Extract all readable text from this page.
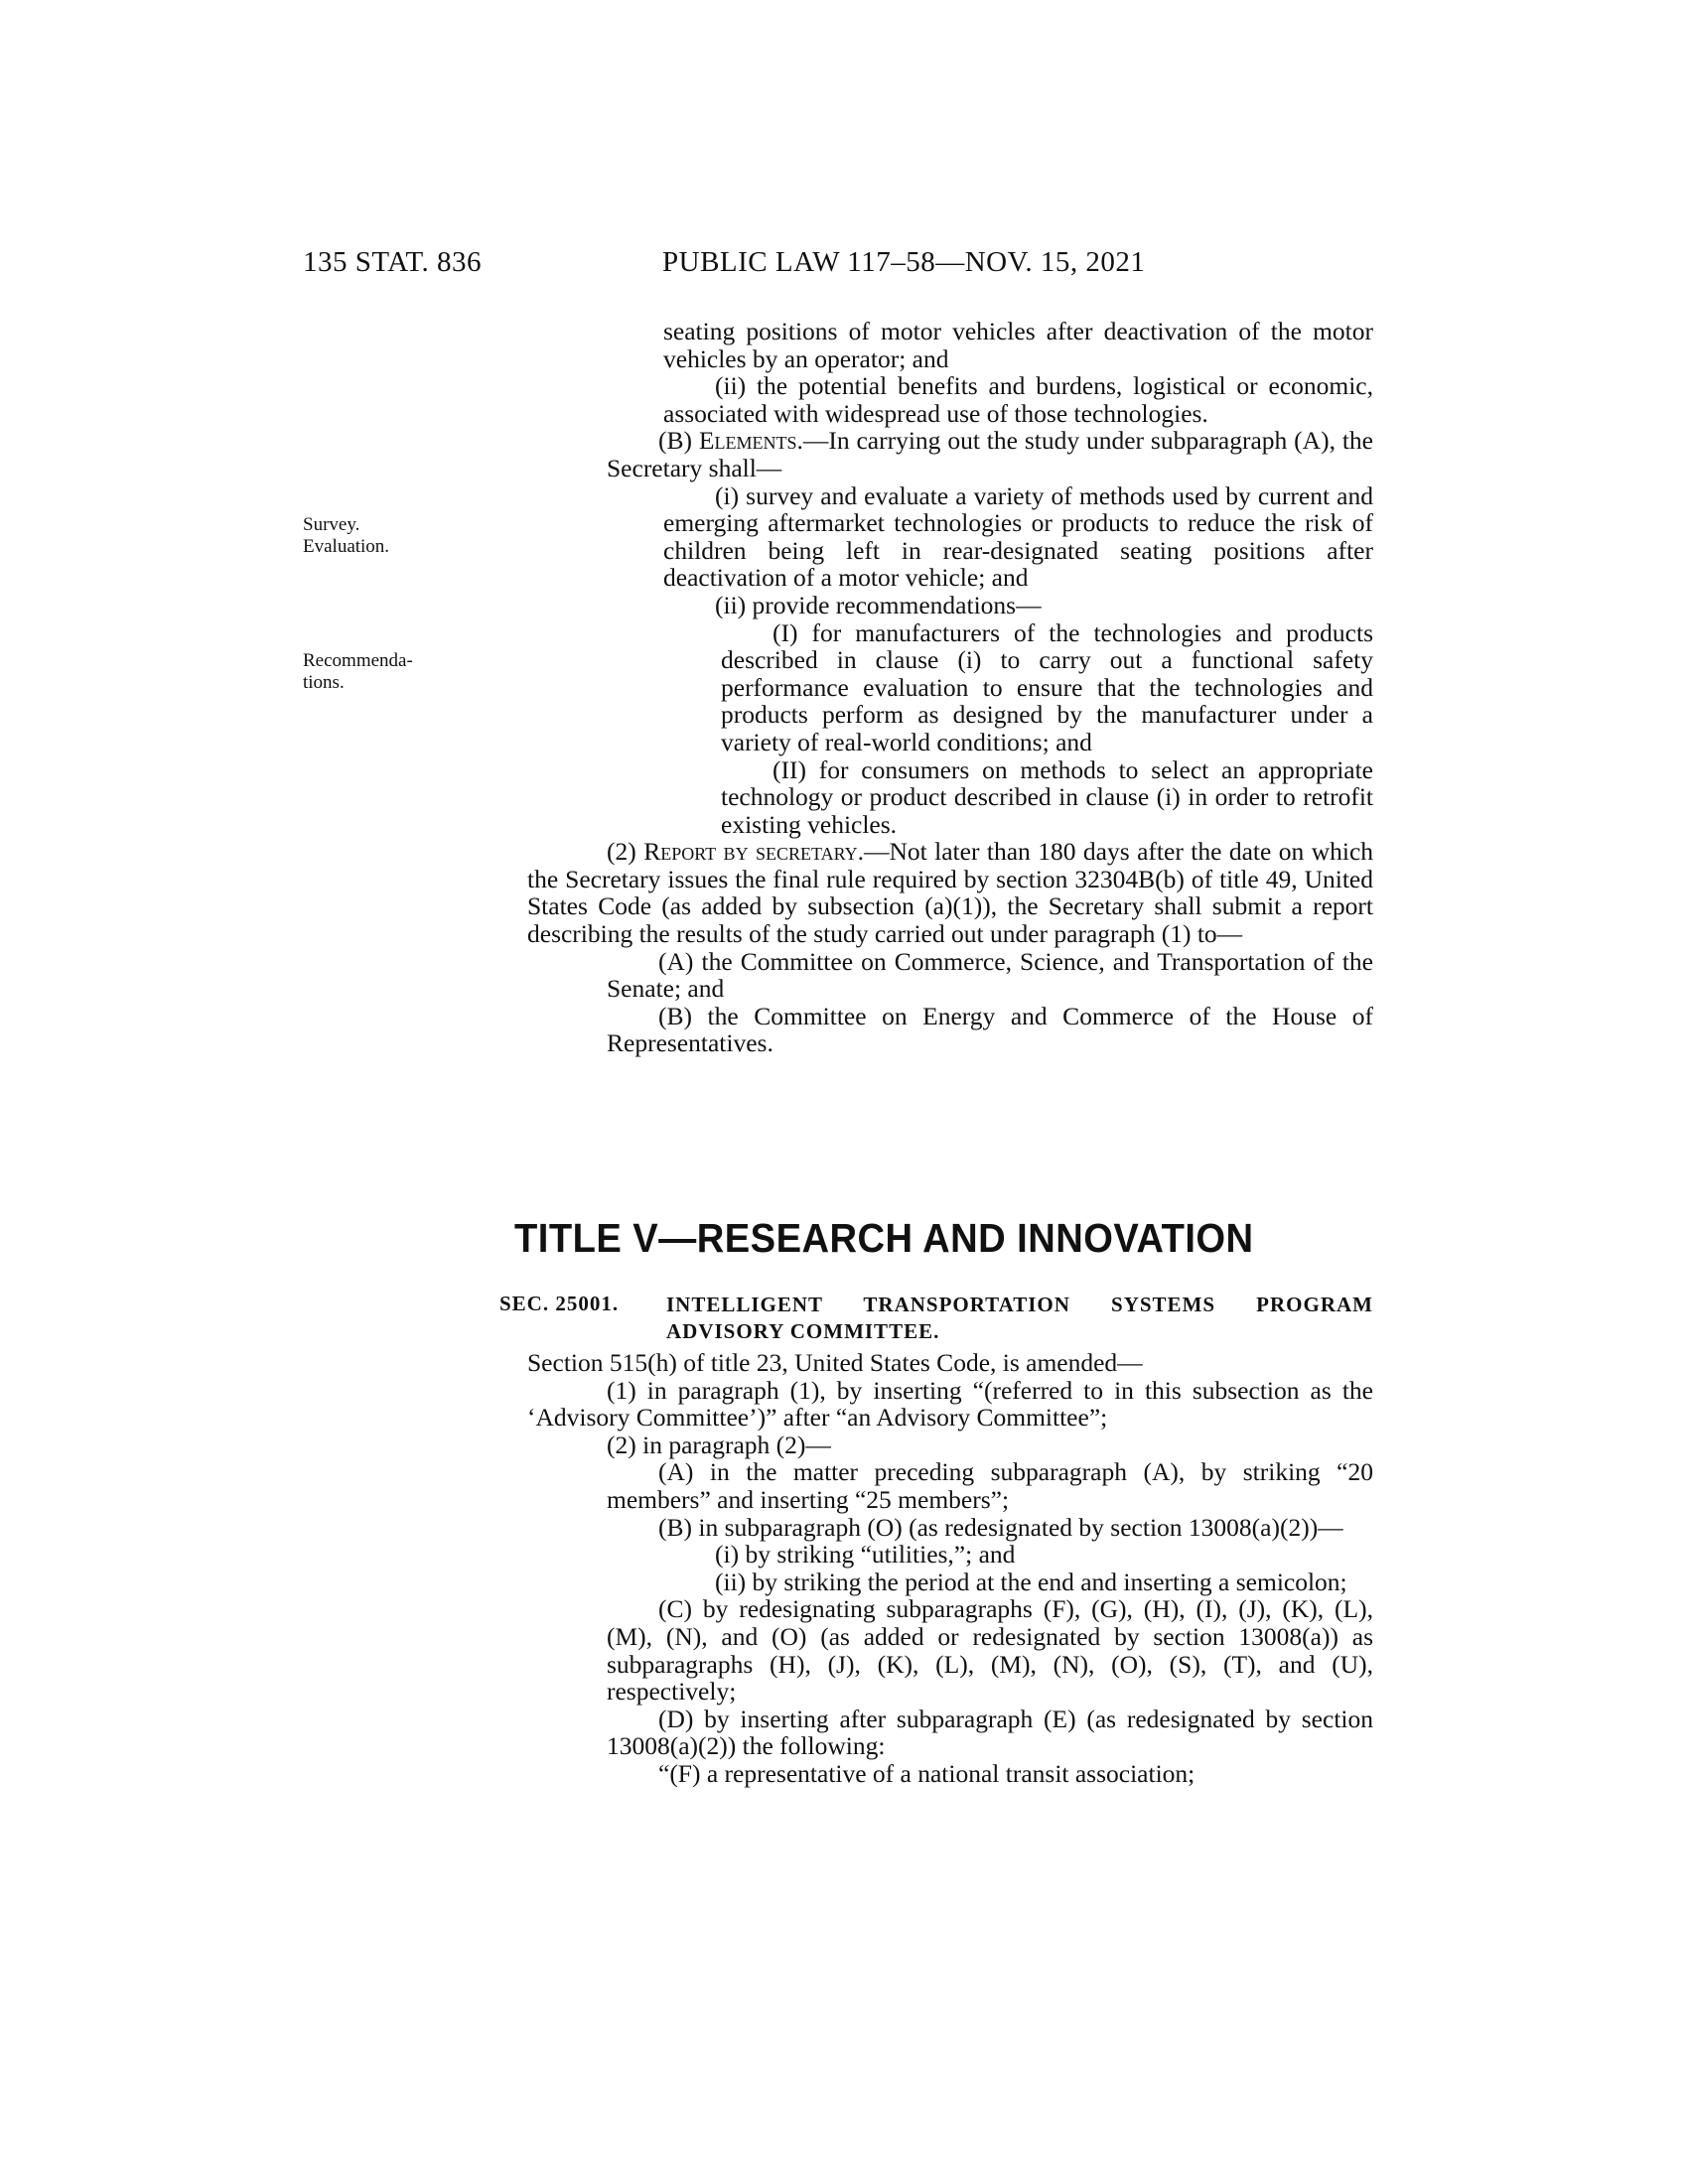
135 STAT. 836	PUBLIC LAW 117–58—NOV. 15, 2021
Survey.
Evaluation.
Recommenda-
tions.

seating positions of motor vehicles after deactivation of the motor vehicles by an operator; and

(ii) the potential benefits and burdens, logistical or economic, associated with widespread use of those technologies.

(B) Elements.—In carrying out the study under subparagraph (A), the Secretary shall—

(i) survey and evaluate a variety of methods used by current and emerging aftermarket technologies or products to reduce the risk of children being left in rear-designated seating positions after deactivation of a motor vehicle; and

(ii) provide recommendations—

(I) for manufacturers of the technologies and products described in clause (i) to carry out a functional safety performance evaluation to ensure that the technologies and products perform as designed by the manufacturer under a variety of real-world conditions; and

(II) for consumers on methods to select an appropriate technology or product described in clause (i) in order to retrofit existing vehicles.

(2) Report by secretary.—Not later than 180 days after the date on which the Secretary issues the final rule required by section 32304B(b) of title 49, United States Code (as added by subsection (a)(1)), the Secretary shall submit a report describing the results of the study carried out under paragraph (1) to—

(A) the Committee on Commerce, Science, and Transportation of the Senate; and

(B) the Committee on Energy and Commerce of the House of Representatives.

TITLE V—RESEARCH AND INNOVATION
SEC. 25001. INTELLIGENT TRANSPORTATION SYSTEMS PROGRAM ADVISORY COMMITTEE.

Section 515(h) of title 23, United States Code, is amended—

(1) in paragraph (1), by inserting “(referred to in this subsection as the ‘Advisory Committee’)” after “an Advisory Committee”;

(2) in paragraph (2)—

(A) in the matter preceding subparagraph (A), by striking “20 members” and inserting “25 members”;

(B) in subparagraph (O) (as redesignated by section 13008(a)(2))—

(i) by striking “utilities,”; and

(ii) by striking the period at the end and inserting a semicolon;

(C) by redesignating subparagraphs (F), (G), (H), (I), (J), (K), (L), (M), (N), and (O) (as added or redesignated by section 13008(a)) as subparagraphs (H), (J), (K), (L), (M), (N), (O), (S), (T), and (U), respectively;

(D) by inserting after subparagraph (E) (as redesignated by section 13008(a)(2)) the following:

“(F) a representative of a national transit association;
